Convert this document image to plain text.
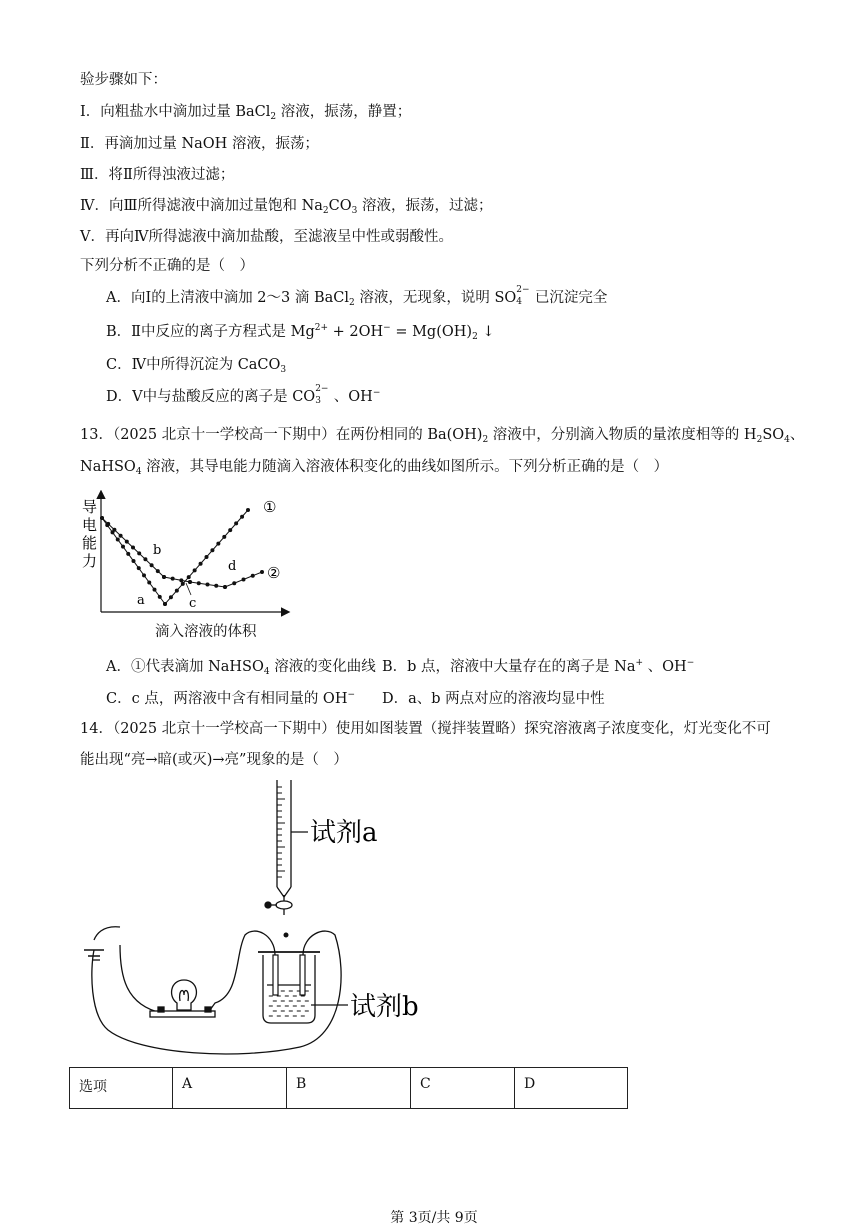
验步骤如下：
Ⅰ．向粗盐水中滴加过量 BaCl$_2$ 溶液，振荡，静置；
Ⅱ．再滴加过量 NaOH 溶液，振荡；
Ⅲ．将Ⅱ所得浊液过滤；
Ⅳ．向Ⅲ所得滤液中滴加过量饱和 $Na_2CO_3$ 溶液，振荡，过滤；
Ⅴ．再向Ⅳ所得滤液中滴加盐酸，至滤液呈中性或弱酸性。
下列分析不正确的是（　）
A．向Ⅰ的上清液中滴加 2～3 滴 BaCl$_2$ 溶液，无现象，说明 SO 2−
4 已沉淀完全
B．Ⅱ中反应的离子方程式是 $Mg^{2+} + 2OH^- = Mg(OH)_2$ ↓
C．Ⅳ中所得沉淀为 CaCO$_3$
D．Ⅴ中与盐酸反应的离子是 CO 2−
3 、OH−
13．（2025 北京十一学校高一下期中）在两份相同的 $Ba(OH)_2$ 溶液中，分别滴入物质的量浓度相等的 $H_2SO_4$、
NaHSO$_4$ 溶液，其导电能力随滴入溶液体积变化的曲线如图所示。下列分析正确的是（　）
导
电
能
力
b
a	c
d
①
②
滴入溶液的体积
A．①代表滴加 NaHSO$_4$ 溶液的变化曲线 B．b 点，溶液中大量存在的离子是 Na+ 、OH−
C．c 点，两溶液中含有相同量的 OH− D．a、b 两点对应的溶液均显中性
14．（2025 北京十一学校高一下期中）使用如图装置（搅拌装置略）探究溶液离子浓度变化，灯光变化不可
能出现“亮→暗(或灭)→亮”现象的是（　）
试剂a
试剂b
选项	A	B	C	D
第 3页/共 9页
